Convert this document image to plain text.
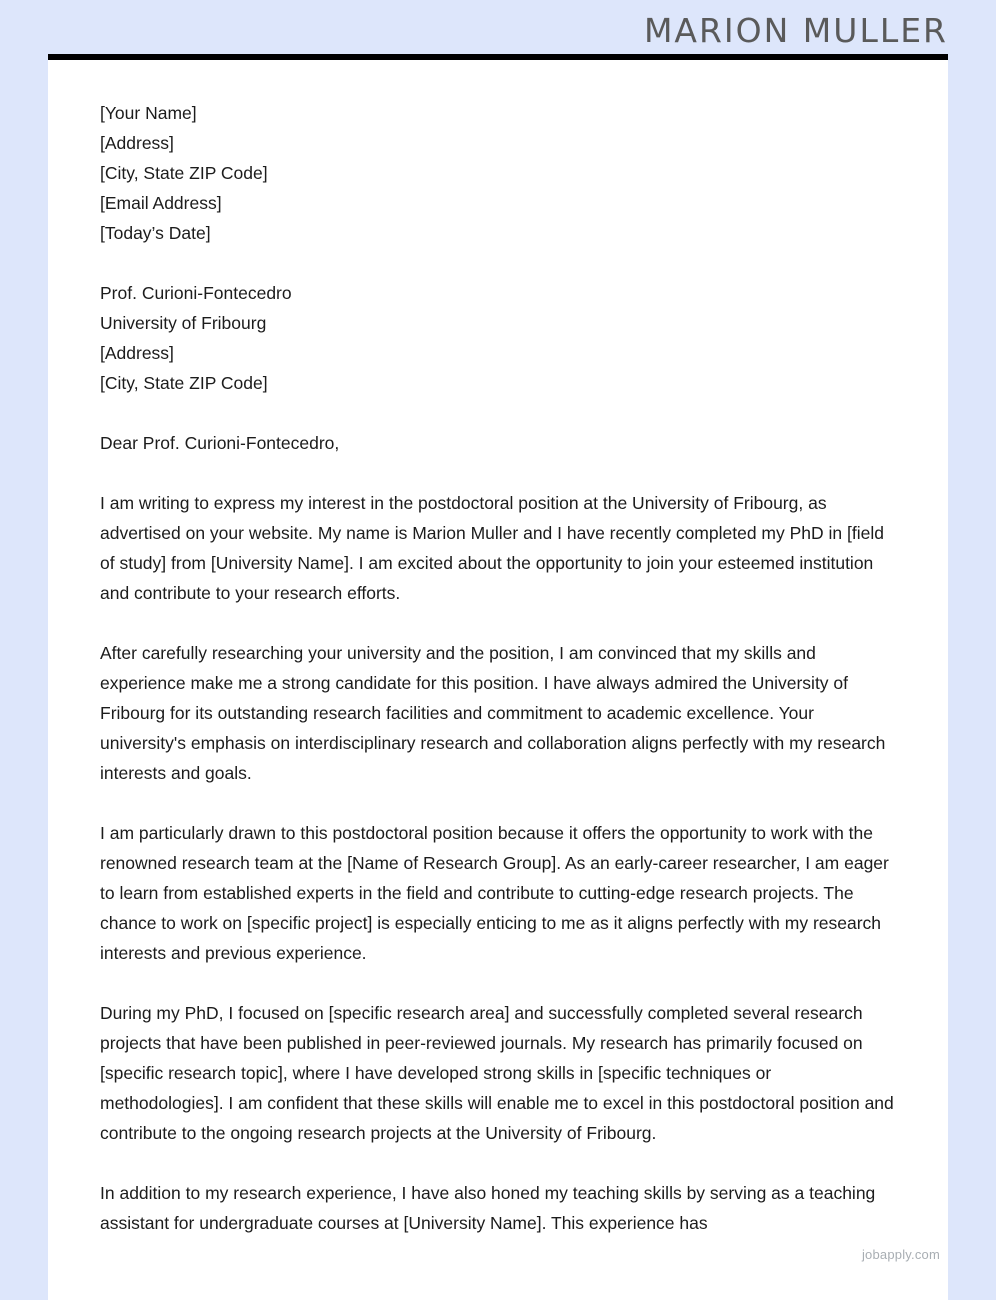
MARION MULLER
[Your Name]
[Address]
[City, State ZIP Code]
[Email Address]
[Today’s Date]
Prof. Curioni-Fontecedro
University of Fribourg
[Address]
[City, State ZIP Code]

Dear Prof. Curioni-Fontecedro,

I am writing to express my interest in the postdoctoral position at the University of Fribourg, as advertised on your website. My name is Marion Muller and I have recently completed my PhD in [field of study] from [University Name]. I am excited about the opportunity to join your esteemed institution and contribute to your research efforts.

After carefully researching your university and the position, I am convinced that my skills and experience make me a strong candidate for this position. I have always admired the University of Fribourg for its outstanding research facilities and commitment to academic excellence. Your university's emphasis on interdisciplinary research and collaboration aligns perfectly with my research interests and goals.

I am particularly drawn to this postdoctoral position because it offers the opportunity to work with the renowned research team at the [Name of Research Group]. As an early-career researcher, I am eager to learn from established experts in the field and contribute to cutting-edge research projects. The chance to work on [specific project] is especially enticing to me as it aligns perfectly with my research interests and previous experience.

During my PhD, I focused on [specific research area] and successfully completed several research projects that have been published in peer-reviewed journals. My research has primarily focused on [specific research topic], where I have developed strong skills in [specific techniques or methodologies]. I am confident that these skills will enable me to excel in this postdoctoral position and contribute to the ongoing research projects at the University of Fribourg.

In addition to my research experience, I have also honed my teaching skills by serving as a teaching assistant for undergraduate courses at [University Name]. This experience has

jobapply.com
